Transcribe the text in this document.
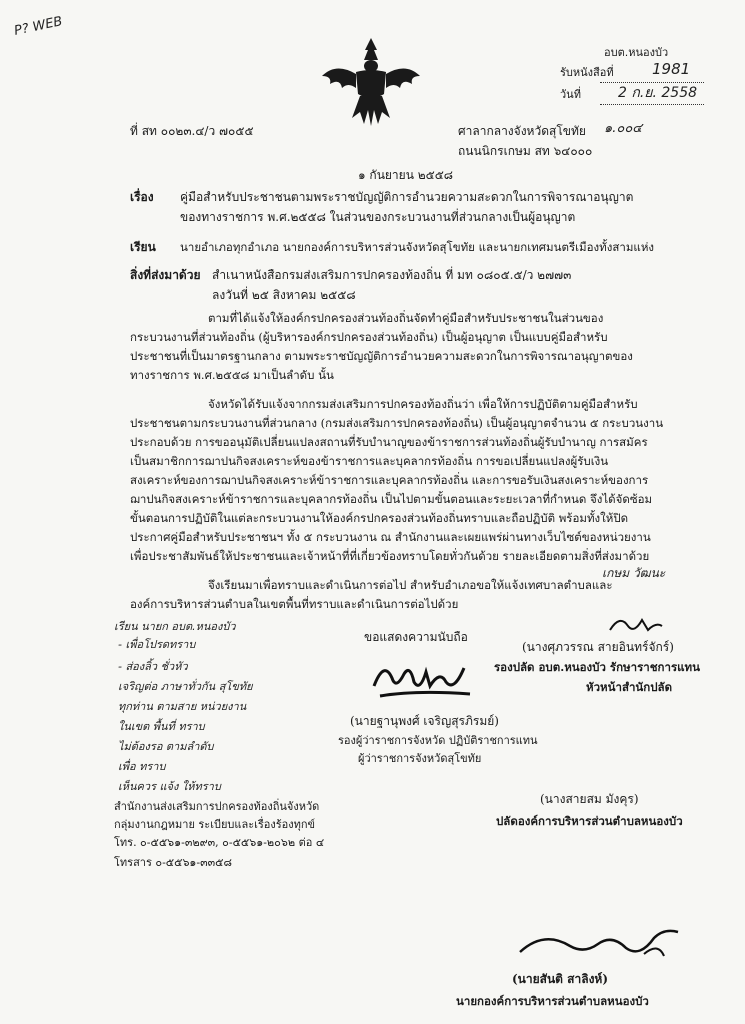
P? WEB
อบต.หนองบัว
รับหนังสือที่	1981
วันที่	2 ก.ย. 2558
ที่ สท ๐๐๒๓.๔/ว ๗๐๕๕	ศาลากลางจังหวัดสุโขทัย ๑.๐๐๔
ถนนนิกรเกษม สท ๖๔๐๐๐
๑ กันยายน ๒๕๕๘
เรื่อง คู่มือสำหรับประชาชนตามพระราชบัญญัติการอำนวยความสะดวกในการพิจารณาอนุญาต
ของทางราชการ พ.ศ.๒๕๕๘ ในส่วนของกระบวนงานที่ส่วนกลางเป็นผู้อนุญาต
เรียน นายอำเภอทุกอำเภอ นายกองค์การบริหารส่วนจังหวัดสุโขทัย และนายกเทศมนตรีเมืองทั้งสามแห่ง
สิ่งที่ส่งมาด้วย สำเนาหนังสือกรมส่งเสริมการปกครองท้องถิ่น ที่ มท ๐๘๐๕.๕/ว ๒๗๗๓
ลงวันที่ ๒๕ สิงหาคม ๒๕๕๘
ตามที่ได้แจ้งให้องค์กรปกครองส่วนท้องถิ่นจัดทำคู่มือสำหรับประชาชนในส่วนของ
กระบวนงานที่ส่วนท้องถิ่น (ผู้บริหารองค์กรปกครองส่วนท้องถิ่น) เป็นผู้อนุญาต เป็นแบบคู่มือสำหรับ
ประชาชนที่เป็นมาตรฐานกลาง ตามพระราชบัญญัติการอำนวยความสะดวกในการพิจารณาอนุญาตของ
ทางราชการ พ.ศ.๒๕๕๘ มาเป็นลำดับ นั้น
จังหวัดได้รับแจ้งจากกรมส่งเสริมการปกครองท้องถิ่นว่า เพื่อให้การปฏิบัติตามคู่มือสำหรับ
ประชาชนตามกระบวนงานที่ส่วนกลาง (กรมส่งเสริมการปกครองท้องถิ่น) เป็นผู้อนุญาตจำนวน ๕ กระบวนงาน
ประกอบด้วย การขออนุมัติเปลี่ยนแปลงสถานที่รับบำนาญของข้าราชการส่วนท้องถิ่นผู้รับบำนาญ การสมัคร
เป็นสมาชิกการฌาปนกิจสงเคราะห์ของข้าราชการและบุคลากรท้องถิ่น การขอเปลี่ยนแปลงผู้รับเงิน
สงเคราะห์ของการฌาปนกิจสงเคราะห์ข้าราชการและบุคลากรท้องถิ่น และการขอรับเงินสงเคราะห์ของการ
ฌาปนกิจสงเคราะห์ข้าราชการและบุคลากรท้องถิ่น เป็นไปตามขั้นตอนและระยะเวลาที่กำหนด จึงได้จัดซ้อม
ขั้นตอนการปฏิบัติในแต่ละกระบวนงานให้องค์กรปกครองส่วนท้องถิ่นทราบและถือปฏิบัติ พร้อมทั้งให้ปิด
ประกาศคู่มือสำหรับประชาชนฯ ทั้ง ๕ กระบวนงาน ณ สำนักงานและเผยแพร่ผ่านทางเว็บไซต์ของหน่วยงาน
เพื่อประชาสัมพันธ์ให้ประชาชนและเจ้าหน้าที่ที่เกี่ยวข้องทราบโดยทั่วกันด้วย รายละเอียดตามสิ่งที่ส่งมาด้วย
จึงเรียนมาเพื่อทราบและดำเนินการต่อไป สำหรับอำเภอขอให้แจ้งเทศบาลตำบลและ
องค์การบริหารส่วนตำบลในเขตพื้นที่ทราบและดำเนินการต่อไปด้วย
เกษม วัฒนะ
เรียน นายก อบต.หนองบัว
- เพื่อโปรดทราบ
- ส่องลิ้ว ชั่วหัว
เจริญต่อ ภาษาทั่วกัน สุโขทัย
ทุกท่าน ตามสาย หน่วยงาน
ในเขต พื้นที่ ทราบ
ไม่ต้องรอ ตามลำดับ
เพื่อ ทราบ
เห็นควร แจ้ง ให้ทราบ
ขอแสดงความนับถือ
(นายฐานุพงศ์ เจริญสุรภิรมย์)
รองผู้ว่าราชการจังหวัด ปฏิบัติราชการแทน
ผู้ว่าราชการจังหวัดสุโขทัย
(นางศุภวรรณ สายอินทร์จักร์)
รองปลัด อบต.หนองบัว รักษาราชการแทน
หัวหน้าสำนักปลัด
สำนักงานส่งเสริมการปกครองท้องถิ่นจังหวัด
กลุ่มงานกฎหมาย ระเบียบและเรื่องร้องทุกข์
โทร. ๐-๕๕๖๑-๓๒๙๓, ๐-๕๕๖๑-๒๐๖๒ ต่อ ๔
โทรสาร ๐-๕๕๖๑-๓๓๕๘
(นางสายสม มังคุร)
ปลัดองค์การบริหารส่วนตำบลหนองบัว
(นายสันติ สาลิงห์)
นายกองค์การบริหารส่วนตำบลหนองบัว
